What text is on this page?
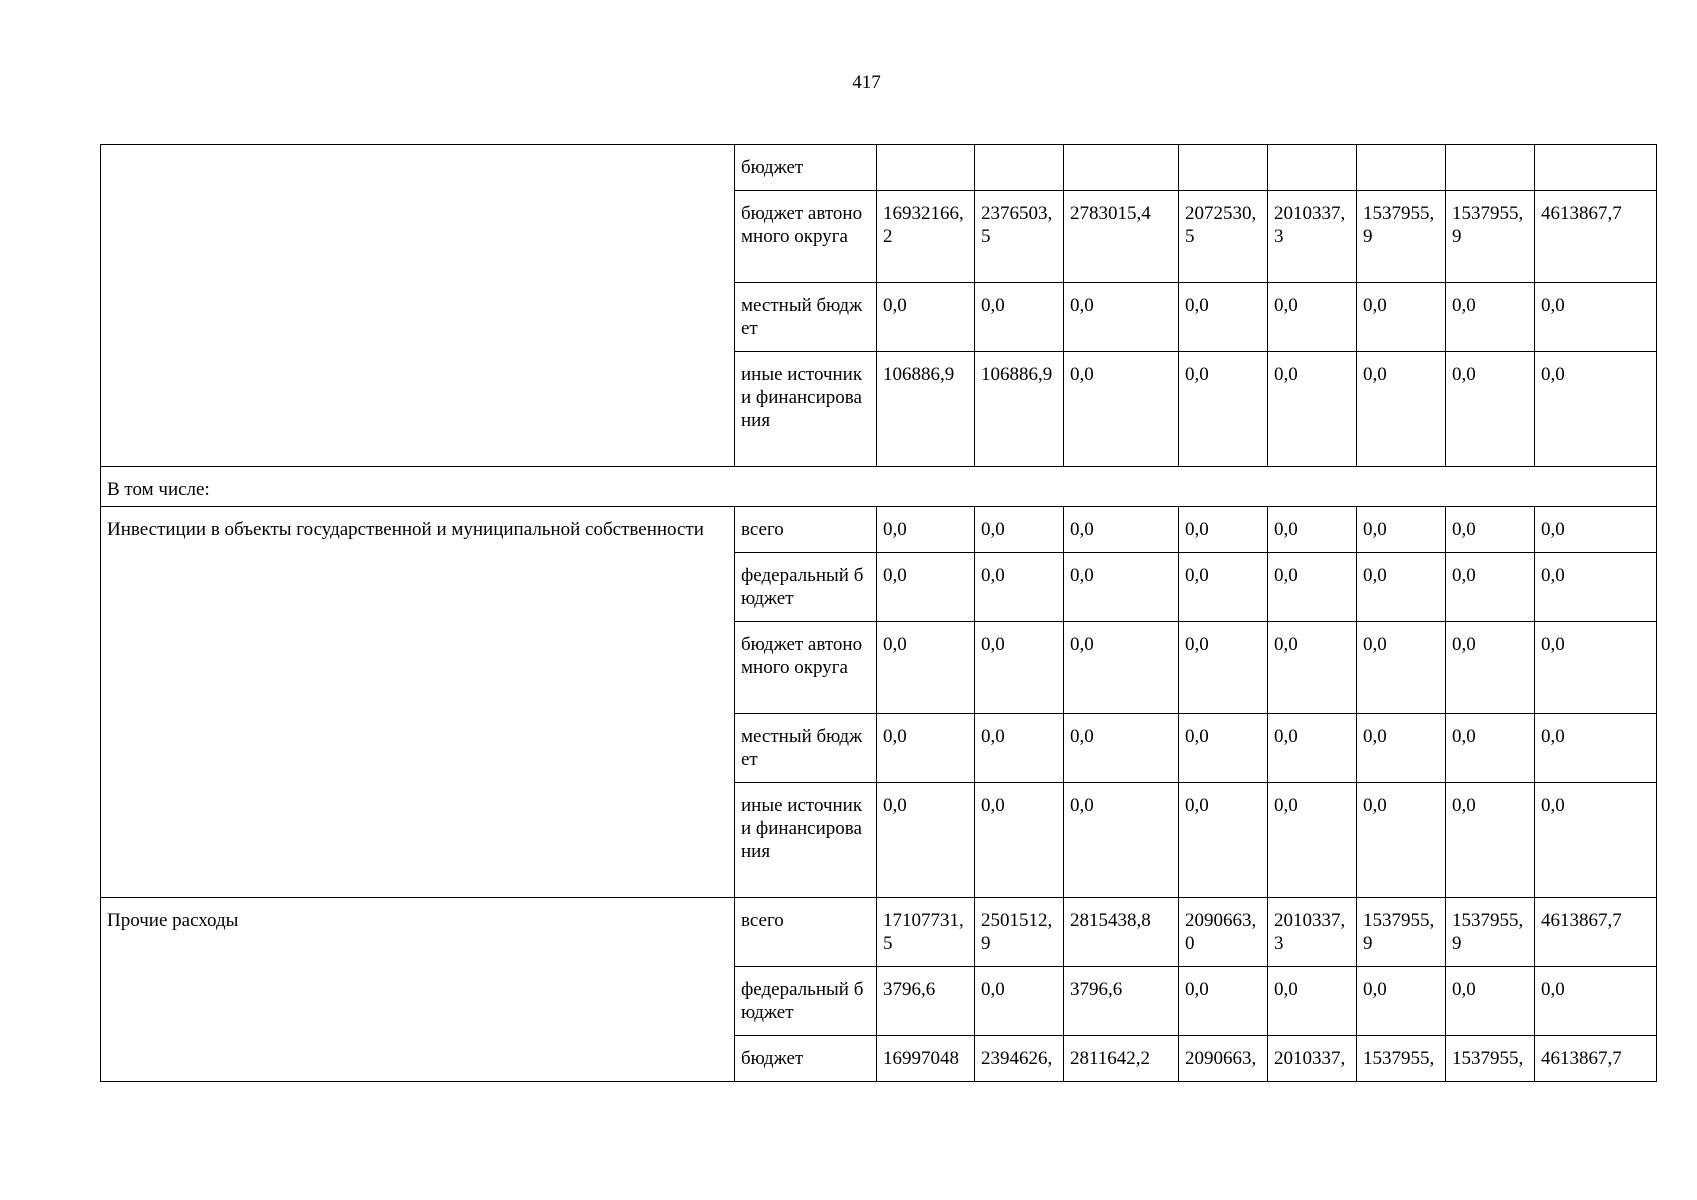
417
	бюджет								
	бюджет автономного округа	16932166,2	2376503,5	2783015,4	2072530,5	2010337,3	1537955,9	1537955,9	4613867,7
	местный бюджет	0,0	0,0	0,0	0,0	0,0	0,0	0,0	0,0
	иные источники финансирования	106886,9	106886,9	0,0	0,0	0,0	0,0	0,0	0,0
В том числе:									
Инвестиции в объекты государственной и муниципальной собственности	всего	0,0	0,0	0,0	0,0	0,0	0,0	0,0	0,0
	федеральный бюджет	0,0	0,0	0,0	0,0	0,0	0,0	0,0	0,0
	бюджет автономного округа	0,0	0,0	0,0	0,0	0,0	0,0	0,0	0,0
	местный бюджет	0,0	0,0	0,0	0,0	0,0	0,0	0,0	0,0
	иные источники финансирования	0,0	0,0	0,0	0,0	0,0	0,0	0,0	0,0
Прочие расходы	всего	17107731,5	2501512,9	2815438,8	2090663,0	2010337,3	1537955,9	1537955,9	4613867,7
	федеральный бюджет	3796,6	0,0	3796,6	0,0	0,0	0,0	0,0	0,0
	бюджет	16997048	2394626,	2811642,2	2090663,	2010337,	1537955,	1537955,	4613867,7
